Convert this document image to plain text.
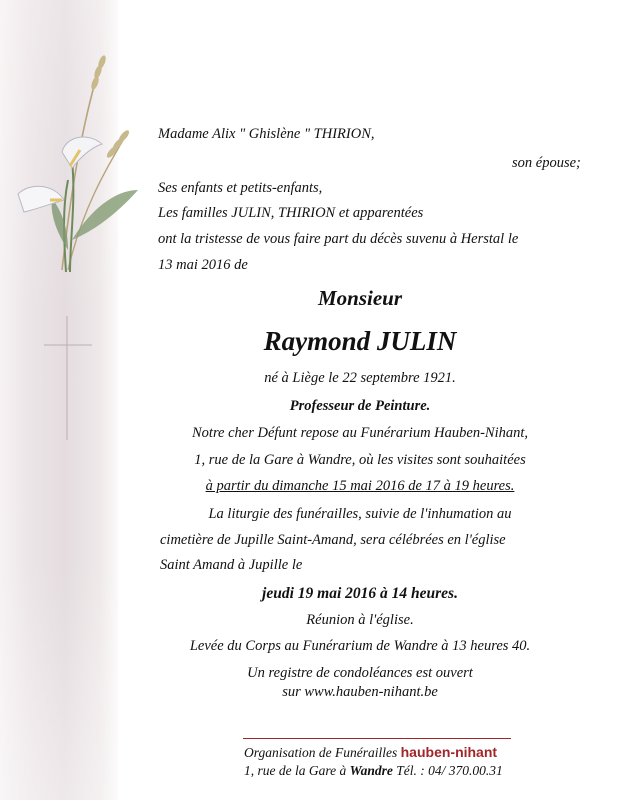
Madame Alix " Ghislène " THIRION,
son épouse;
Ses enfants et petits-enfants,
Les familles JULIN, THIRION et apparentées
ont la tristesse de vous faire part du décès suvenu à Herstal le
13 mai 2016 de
Monsieur
Raymond JULIN
né à Liège le 22 septembre 1921.
Professeur de Peinture.
Notre cher Défunt repose au Funérarium Hauben-Nihant,
1, rue de la Gare à Wandre, où les visites sont souhaitées
à partir du dimanche 15 mai 2016 de 17 à 19 heures.
La liturgie des funérailles, suivie de l'inhumation au
cimetière de Jupille Saint-Amand, sera célébrées en l'église
Saint Amand à Jupille le
jeudi 19 mai 2016 à 14 heures.
Réunion à l'église.
Levée du Corps au Funérarium de Wandre à 13 heures 40.
Un registre de condoléances est ouvert
sur www.hauben-nihant.be
Organisation de Funérailles hauben-nihant
1, rue de la Gare à Wandre Tél. : 04/ 370.00.31
